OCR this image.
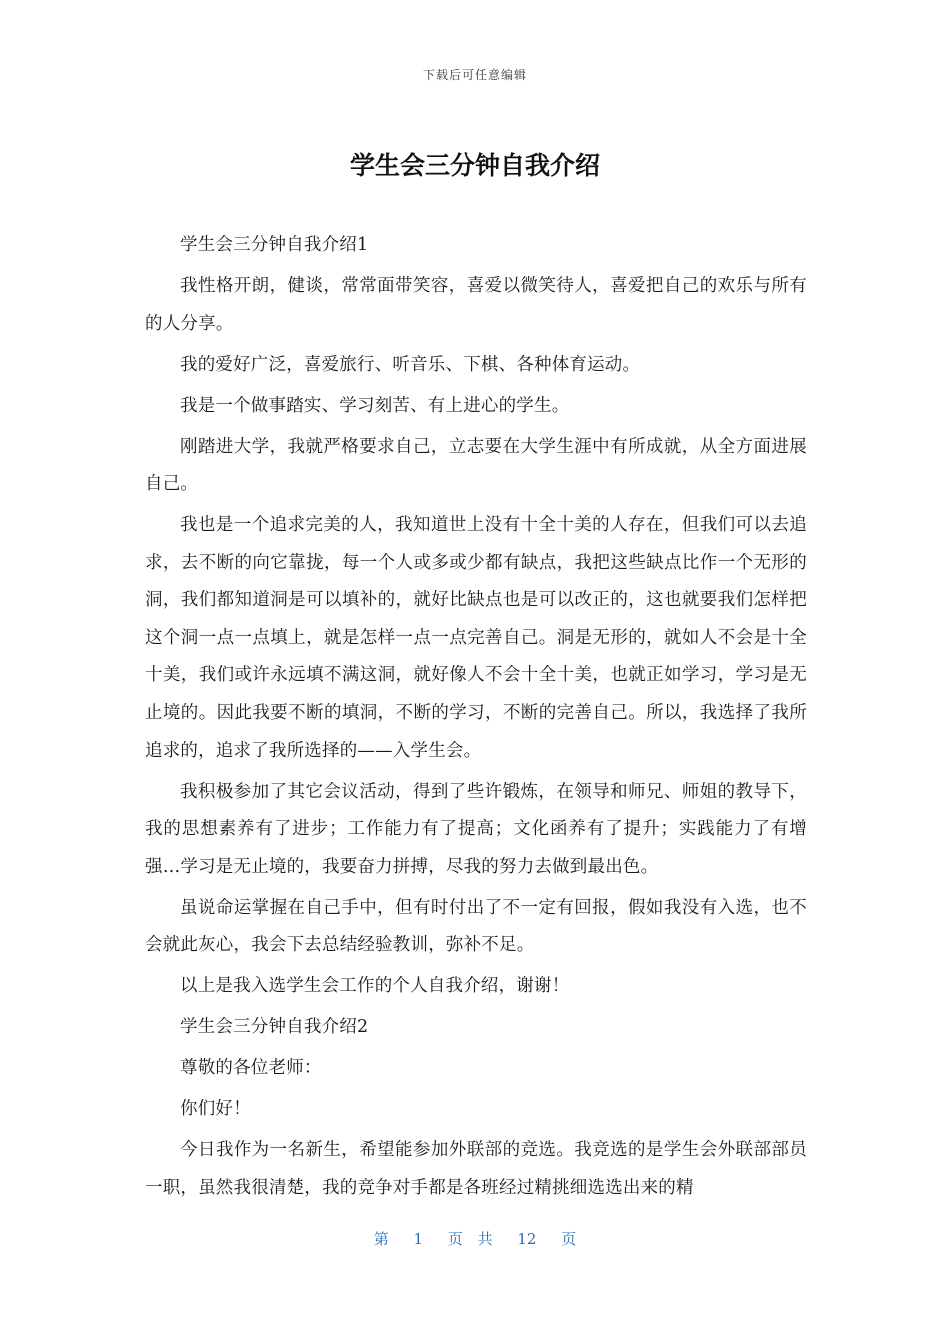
下载后可任意编辑
学生会三分钟自我介绍

学生会三分钟自我介绍1

我性格开朗，健谈，常常面带笑容，喜爱以微笑待人，喜爱把自己的欢乐与所有的人分享。

我的爱好广泛，喜爱旅行、听音乐、下棋、各种体育运动。

我是一个做事踏实、学习刻苦、有上进心的学生。

刚踏进大学，我就严格要求自己，立志要在大学生涯中有所成就，从全方面进展自己。

我也是一个追求完美的人，我知道世上没有十全十美的人存在，但我们可以去追求，去不断的向它靠拢，每一个人或多或少都有缺点，我把这些缺点比作一个无形的洞，我们都知道洞是可以填补的，就好比缺点也是可以改正的，这也就要我们怎样把这个洞一点一点填上，就是怎样一点一点完善自己。洞是无形的，就如人不会是十全十美，我们或许永远填不满这洞，就好像人不会十全十美，也就正如学习，学习是无止境的。因此我要不断的填洞，不断的学习，不断的完善自己。所以，我选择了我所追求的，追求了我所选择的——入学生会。

我积极参加了其它会议活动，得到了些许锻炼，在领导和师兄、师姐的教导下，我的思想素养有了进步；工作能力有了提高；文化函养有了提升；实践能力了有增强…学习是无止境的，我要奋力拼搏，尽我的努力去做到最出色。

虽说命运掌握在自己手中，但有时付出了不一定有回报，假如我没有入选，也不会就此灰心，我会下去总结经验教训，弥补不足。

以上是我入选学生会工作的个人自我介绍，谢谢！

学生会三分钟自我介绍2

尊敬的各位老师：

你们好！

今日我作为一名新生，希望能参加外联部的竞选。我竞选的是学生会外联部部员一职，虽然我很清楚，我的竞争对手都是各班经过精挑细选选出来的精

第 1 页 共 12 页
